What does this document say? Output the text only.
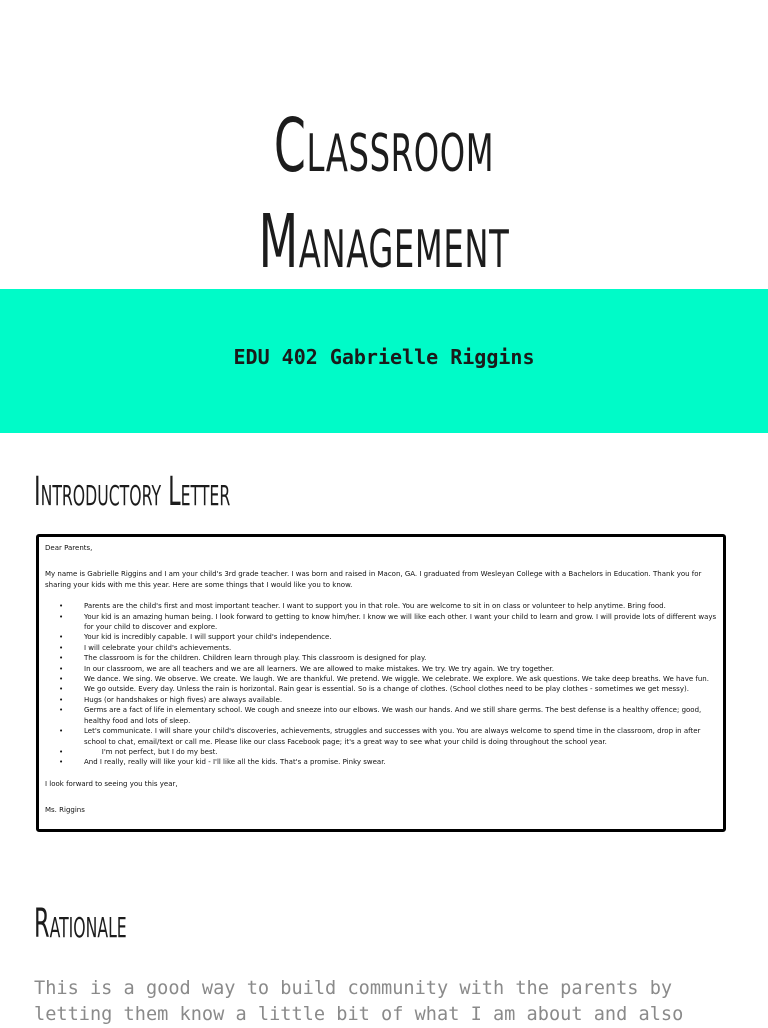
Classroom Management
EDU 402 Gabrielle Riggins
Introductory Letter

Dear Parents,

My name is Gabrielle Riggins and I am your child's 3rd grade teacher. I was born and raised in Macon, GA. I graduated from Wesleyan College with a Bachelors in Education. Thank you for sharing your kids with me this year. Here are some things that I would like you to know.

•	Parents are the child's first and most important teacher. I want to support you in that role. You are welcome to sit in on class or volunteer to help anytime. Bring food.
•	Your kid is an amazing human being. I look forward to getting to know him/her. I know we will like each other. I want your child to learn and grow. I will provide lots of different ways for your child to discover and explore.
•	Your kid is incredibly capable. I will support your child's independence.
•	I will celebrate your child's achievements.
•	The classroom is for the children. Children learn through play. This classroom is designed for play.
•	In our classroom, we are all teachers and we are all learners. We are allowed to make mistakes. We try. We try again. We try together.
•	We dance. We sing. We observe. We create. We laugh. We are thankful. We pretend. We wiggle. We celebrate. We explore. We ask questions. We take deep breaths. We have fun.
•	We go outside. Every day. Unless the rain is horizontal. Rain gear is essential. So is a change of clothes. (School clothes need to be play clothes - sometimes we get messy).
•	Hugs (or handshakes or high fives) are always available.
•	Germs are a fact of life in elementary school. We cough and sneeze into our elbows. We wash our hands. And we still share germs. The best defense is a healthy offence; good, healthy food and lots of sleep.
•	Let's communicate. I will share your child's discoveries, achievements, struggles and successes with you. You are always welcome to spend time in the classroom, drop in after school to chat, email/text or call me. Please like our class Facebook page; it's a great way to see what your child is doing throughout the school year.
•	I'm not perfect, but I do my best.
•	And I really, really will like your kid - I'll like all the kids. That's a promise. Pinky swear.

I look forward to seeing you this year,

Ms. Riggins

Rationale

This is a good way to build community with the parents by
letting them know a little bit of what I am about and also
